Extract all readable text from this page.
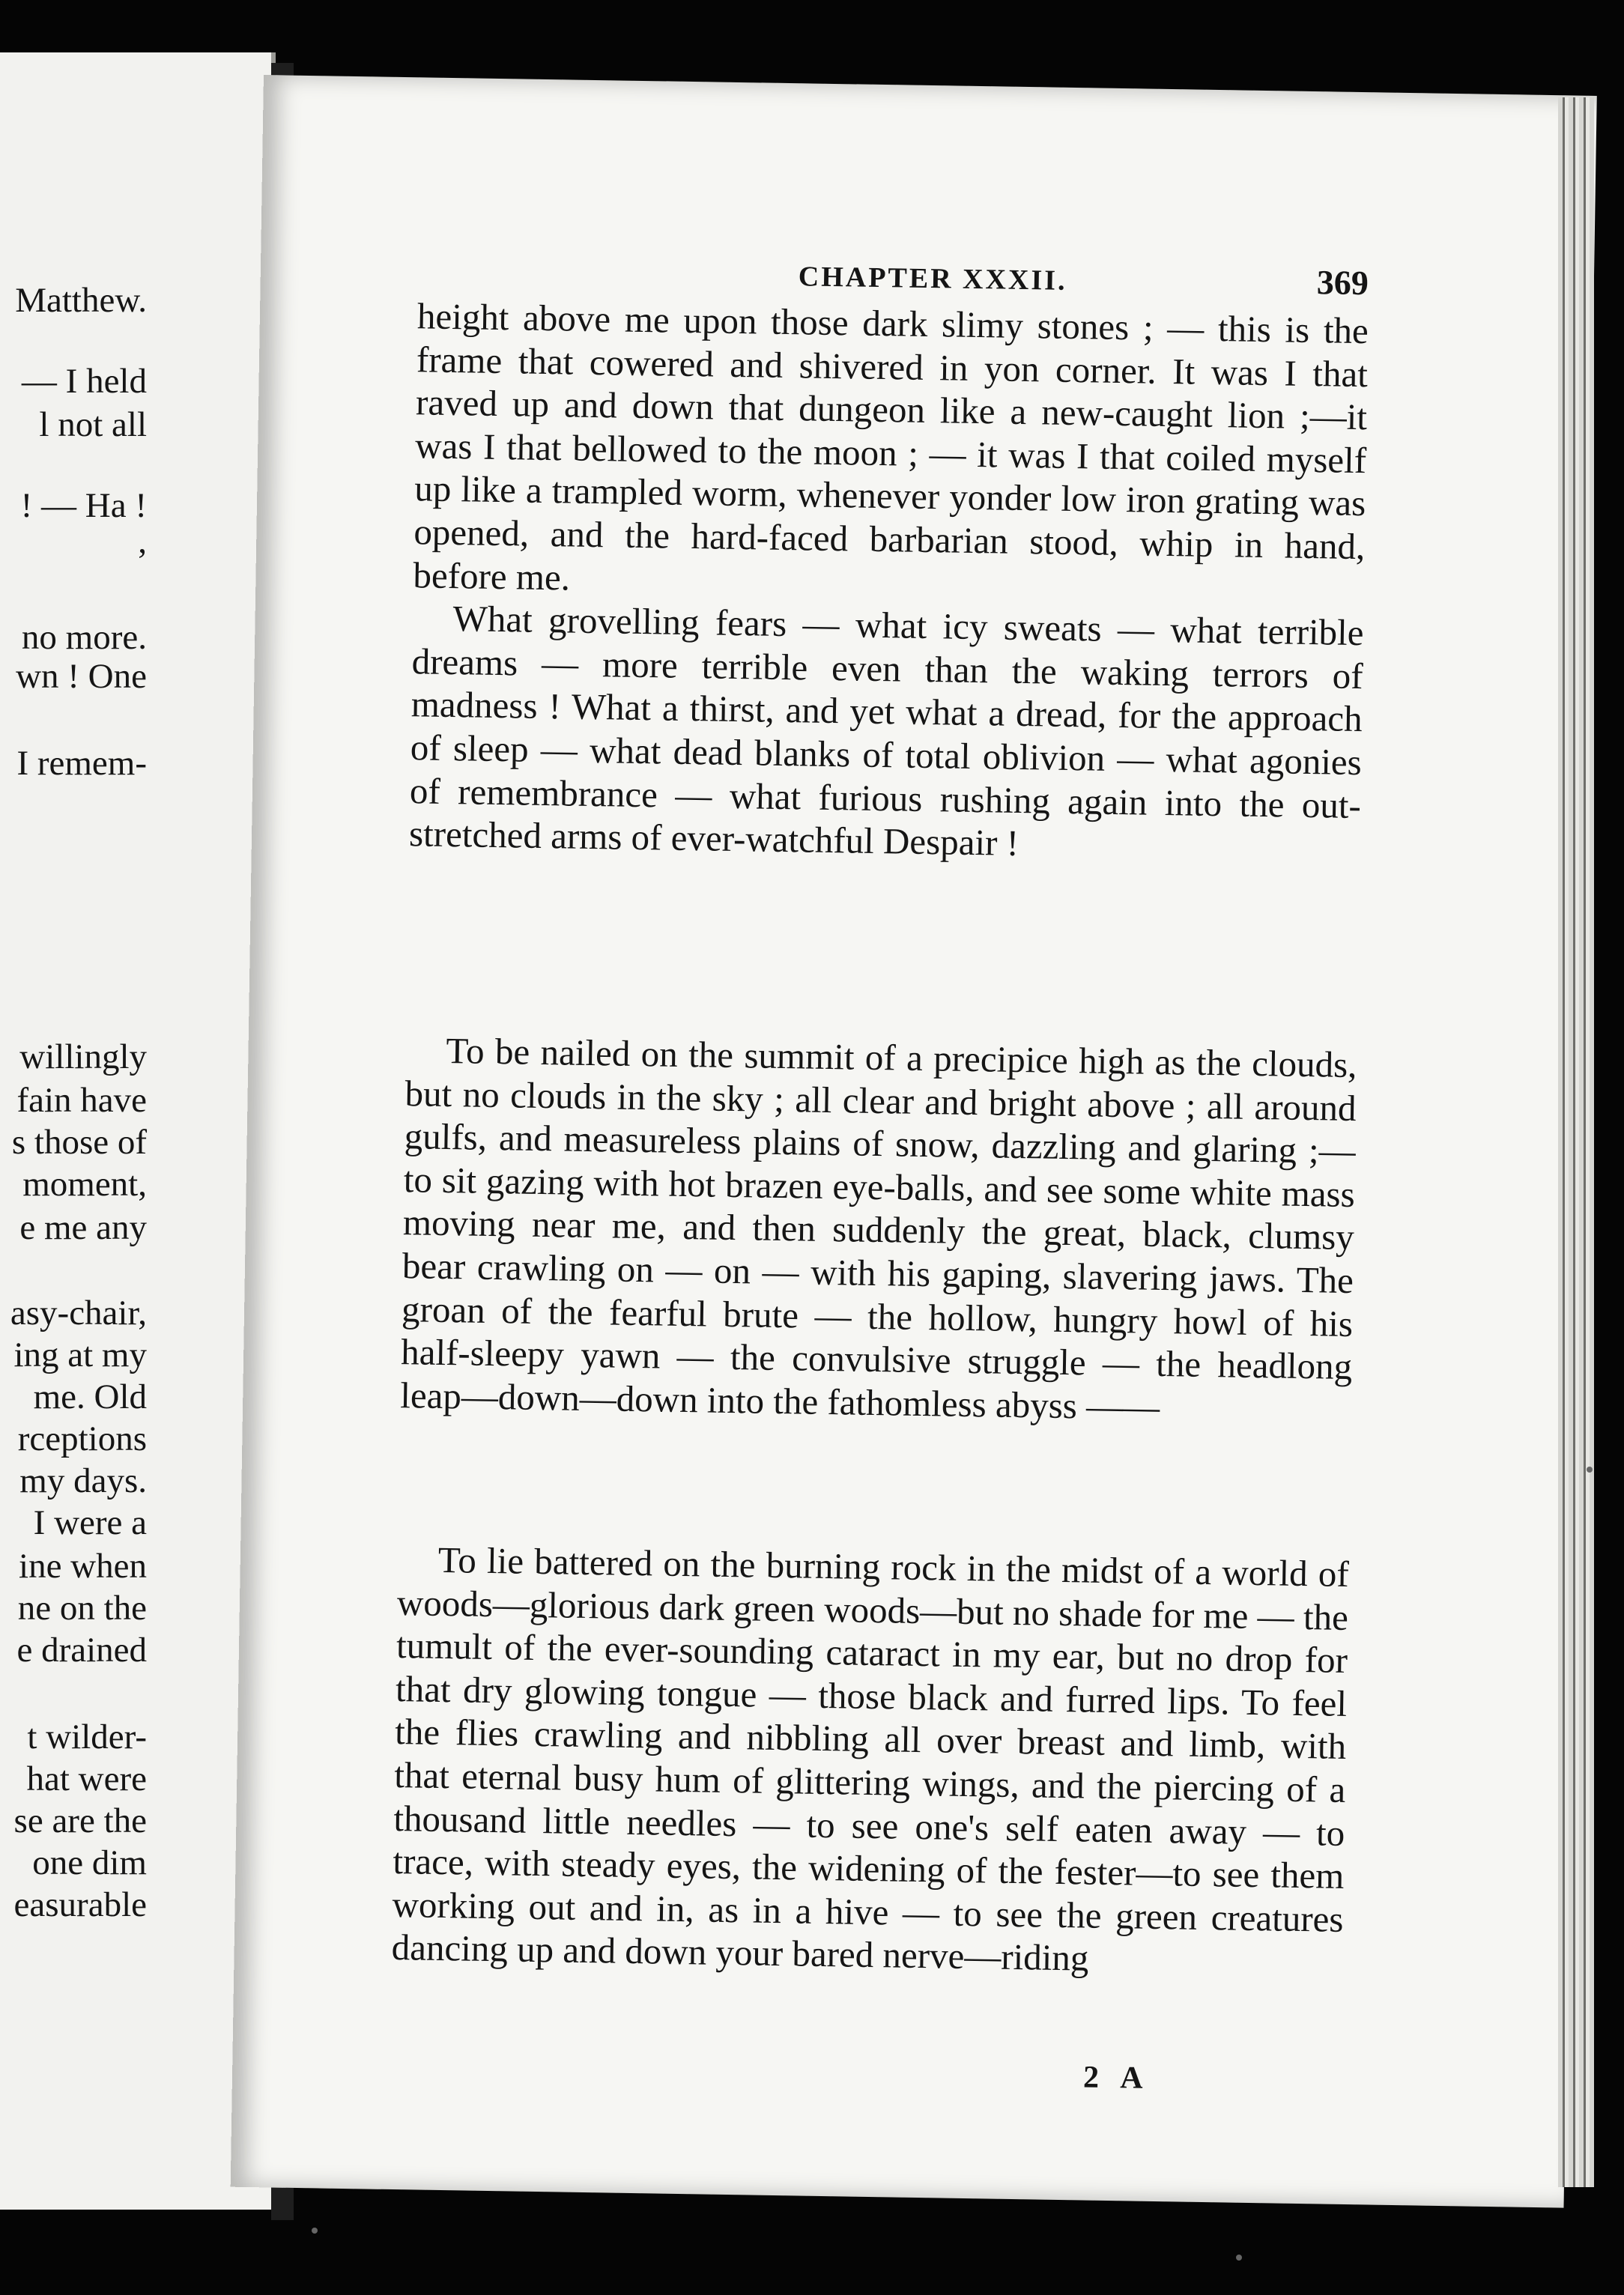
Matthew.
— I held
l not all
! — Ha !
,
no more.
wn ! One
I remem-
willingly
fain have
s those of
moment,
e me any
asy-chair,
ing at my
me. Old
rceptions
my days.
I were a
ine when
ne on the
e drained
t wilder-
hat were
se are the
one dim
easurable
CHAPTER XXXII.	369

height above me upon those dark slimy stones ; — this is the frame that cowered and shivered in yon corner. It was I that raved up and down that dungeon like a new-caught lion ;—it was I that bellowed to the moon ; — it was I that coiled myself up like a trampled worm, whenever yonder low iron grating was opened, and the hard-faced barbarian stood, whip in hand, before me.

What grovelling fears — what icy sweats — what terrible dreams — more terrible even than the waking terrors of madness ! What a thirst, and yet what a dread, for the approach of sleep — what dead blanks of total oblivion — what agonies of remembrance — what furious rushing again into the out-stretched arms of ever-watchful Despair !

To be nailed on the summit of a precipice high as the clouds, but no clouds in the sky ; all clear and bright above ; all around gulfs, and measureless plains of snow, dazzling and glaring ;—to sit gazing with hot brazen eye-balls, and see some white mass moving near me, and then suddenly the great, black, clumsy bear crawling on — on — with his gaping, slavering jaws. The groan of the fearful brute — the hollow, hungry howl of his half-sleepy yawn — the convulsive struggle — the headlong leap—down—down into the fathomless abyss ——

To lie battered on the burning rock in the midst of a world of woods—glorious dark green woods—but no shade for me — the tumult of the ever-sounding cataract in my ear, but no drop for that dry glowing tongue — those black and furred lips. To feel the flies crawling and nibbling all over breast and limb, with that eternal busy hum of glittering wings, and the piercing of a thousand little needles — to see one's self eaten away — to trace, with steady eyes, the widening of the fester—to see them working out and in, as in a hive — to see the green creatures dancing up and down your bared nerve—riding

2 A
